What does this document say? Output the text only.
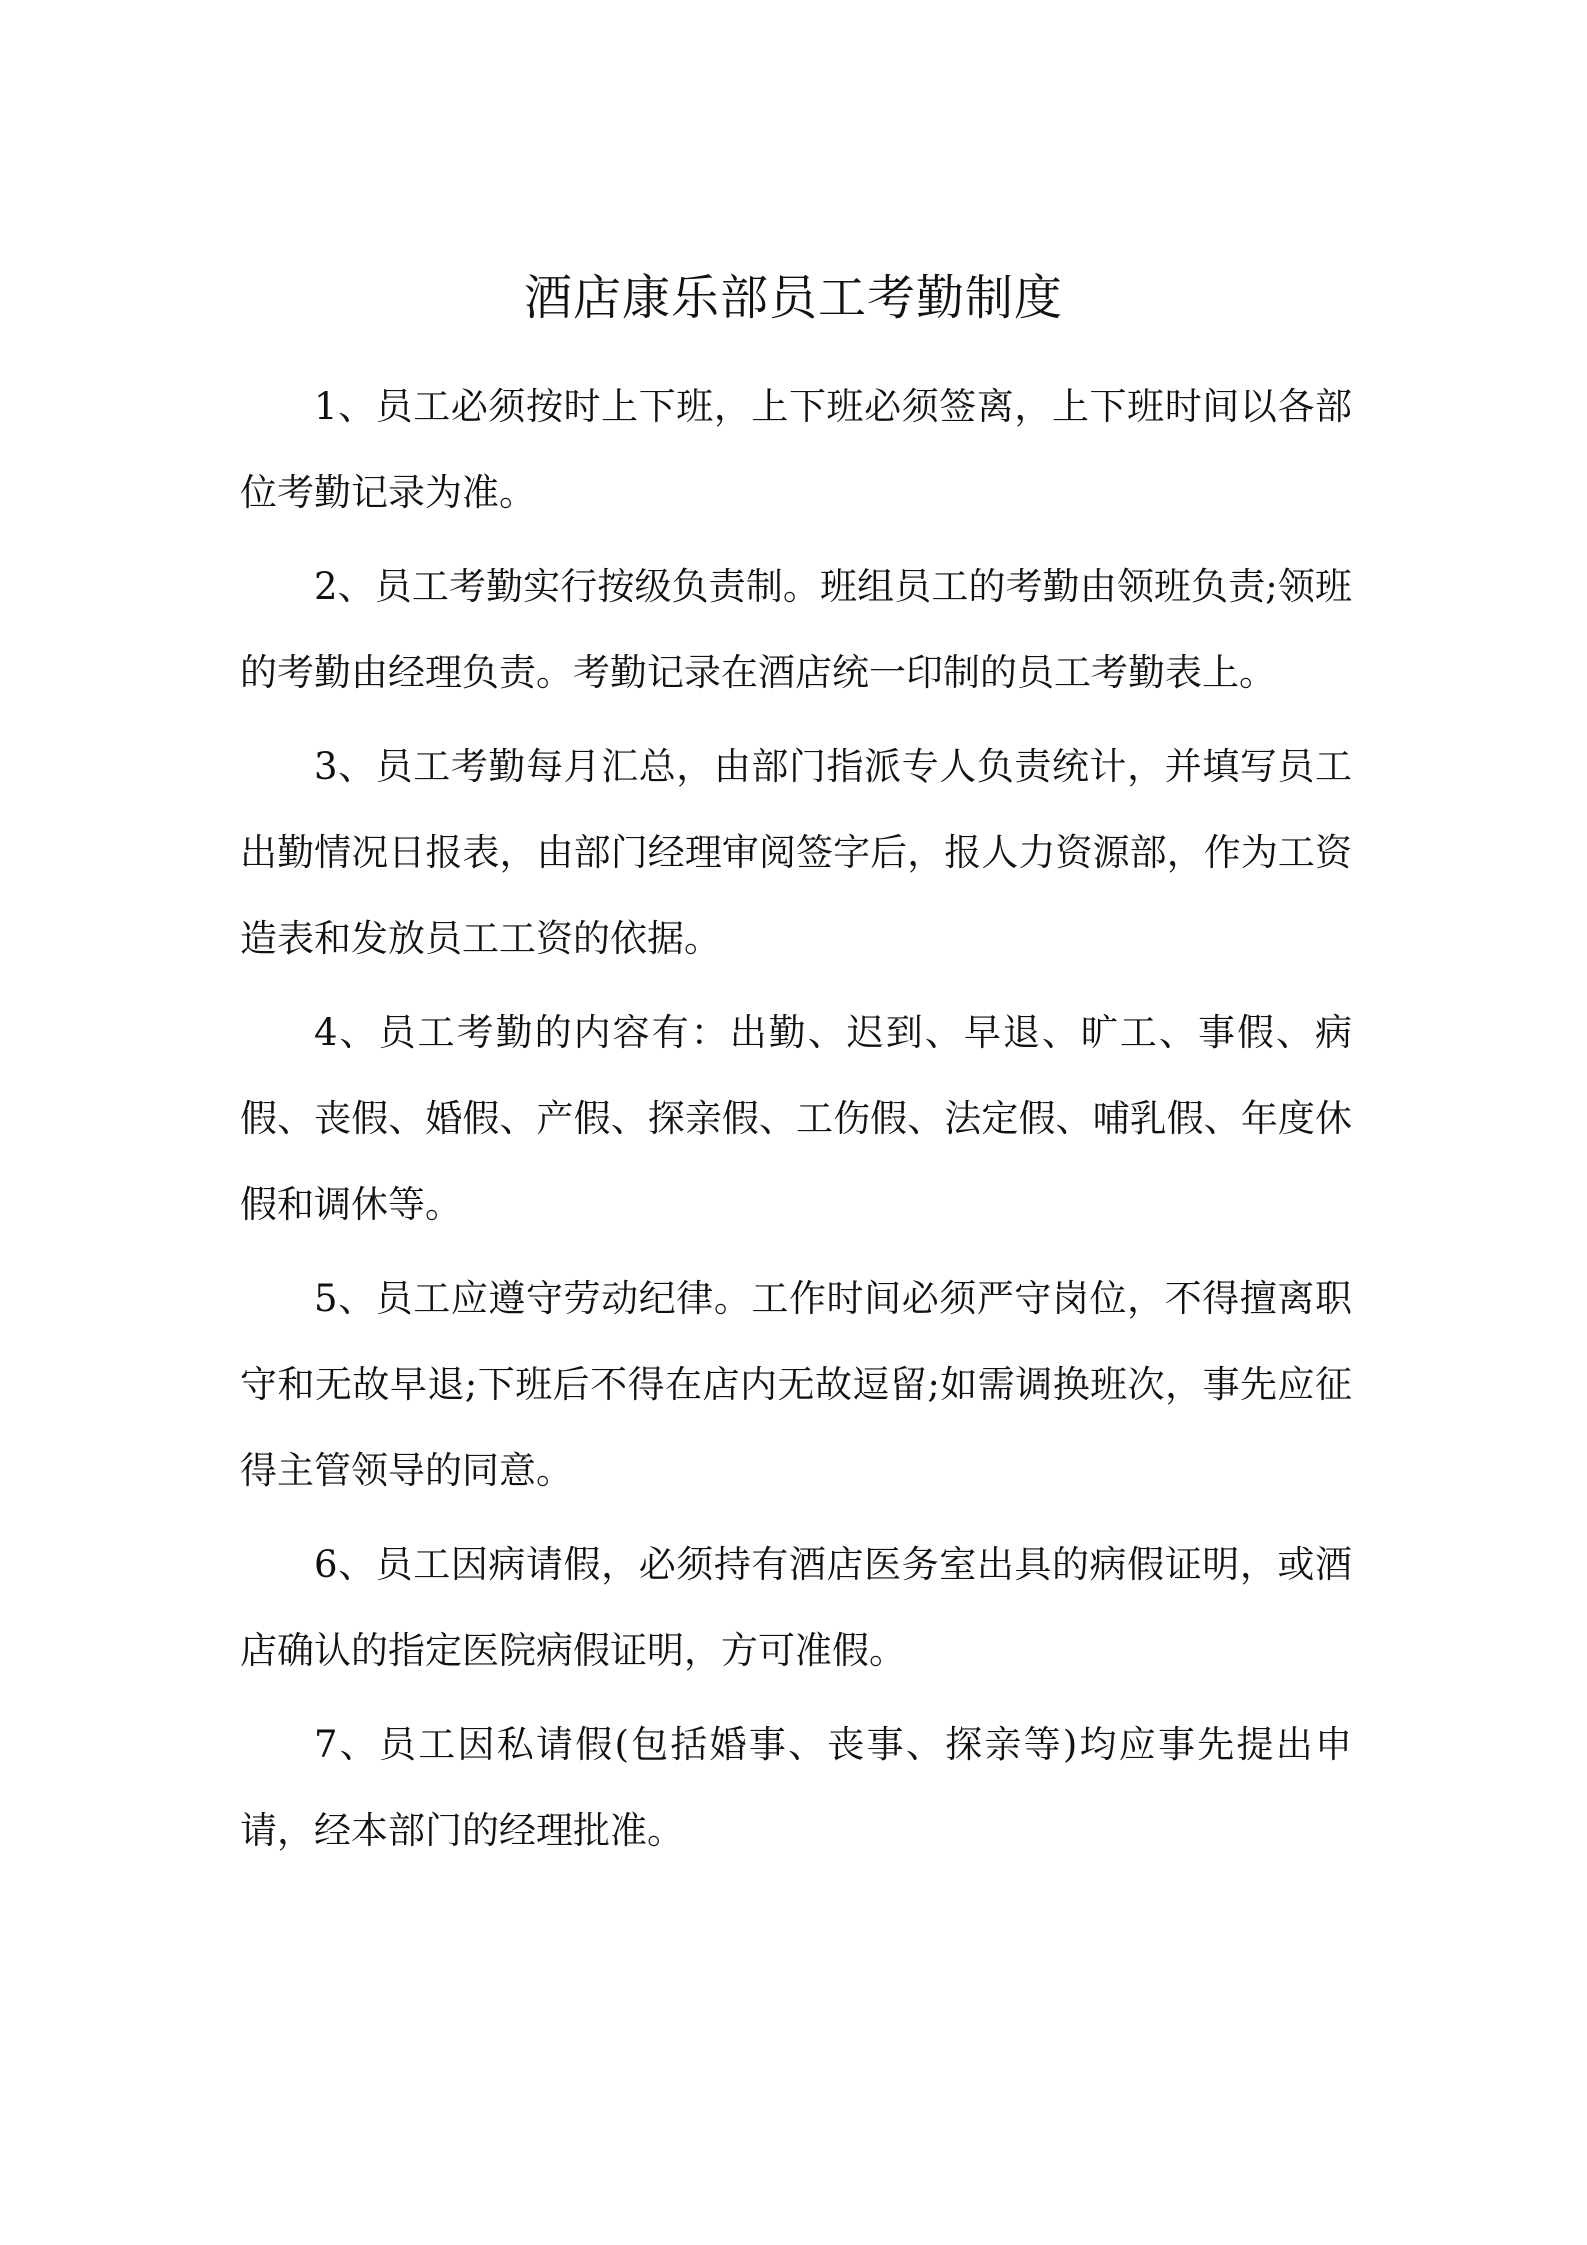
酒店康乐部员工考勤制度

1、员工必须按时上下班，上下班必须签离，上下班时间以各部位考勤记录为准。

2、员工考勤实行按级负责制。班组员工的考勤由领班负责;领班的考勤由经理负责。考勤记录在酒店统一印制的员工考勤表上。

3、员工考勤每月汇总，由部门指派专人负责统计，并填写员工出勤情况日报表，由部门经理审阅签字后，报人力资源部，作为工资造表和发放员工工资的依据。

4、员工考勤的内容有：出勤、迟到、早退、旷工、事假、病假、丧假、婚假、产假、探亲假、工伤假、法定假、哺乳假、年度休假和调休等。

5、员工应遵守劳动纪律。工作时间必须严守岗位，不得擅离职守和无故早退;下班后不得在店内无故逗留;如需调换班次，事先应征得主管领导的同意。

6、员工因病请假，必须持有酒店医务室出具的病假证明，或酒店确认的指定医院病假证明，方可准假。

7、员工因私请假(包括婚事、丧事、探亲等)均应事先提出申请，经本部门的经理批准。
